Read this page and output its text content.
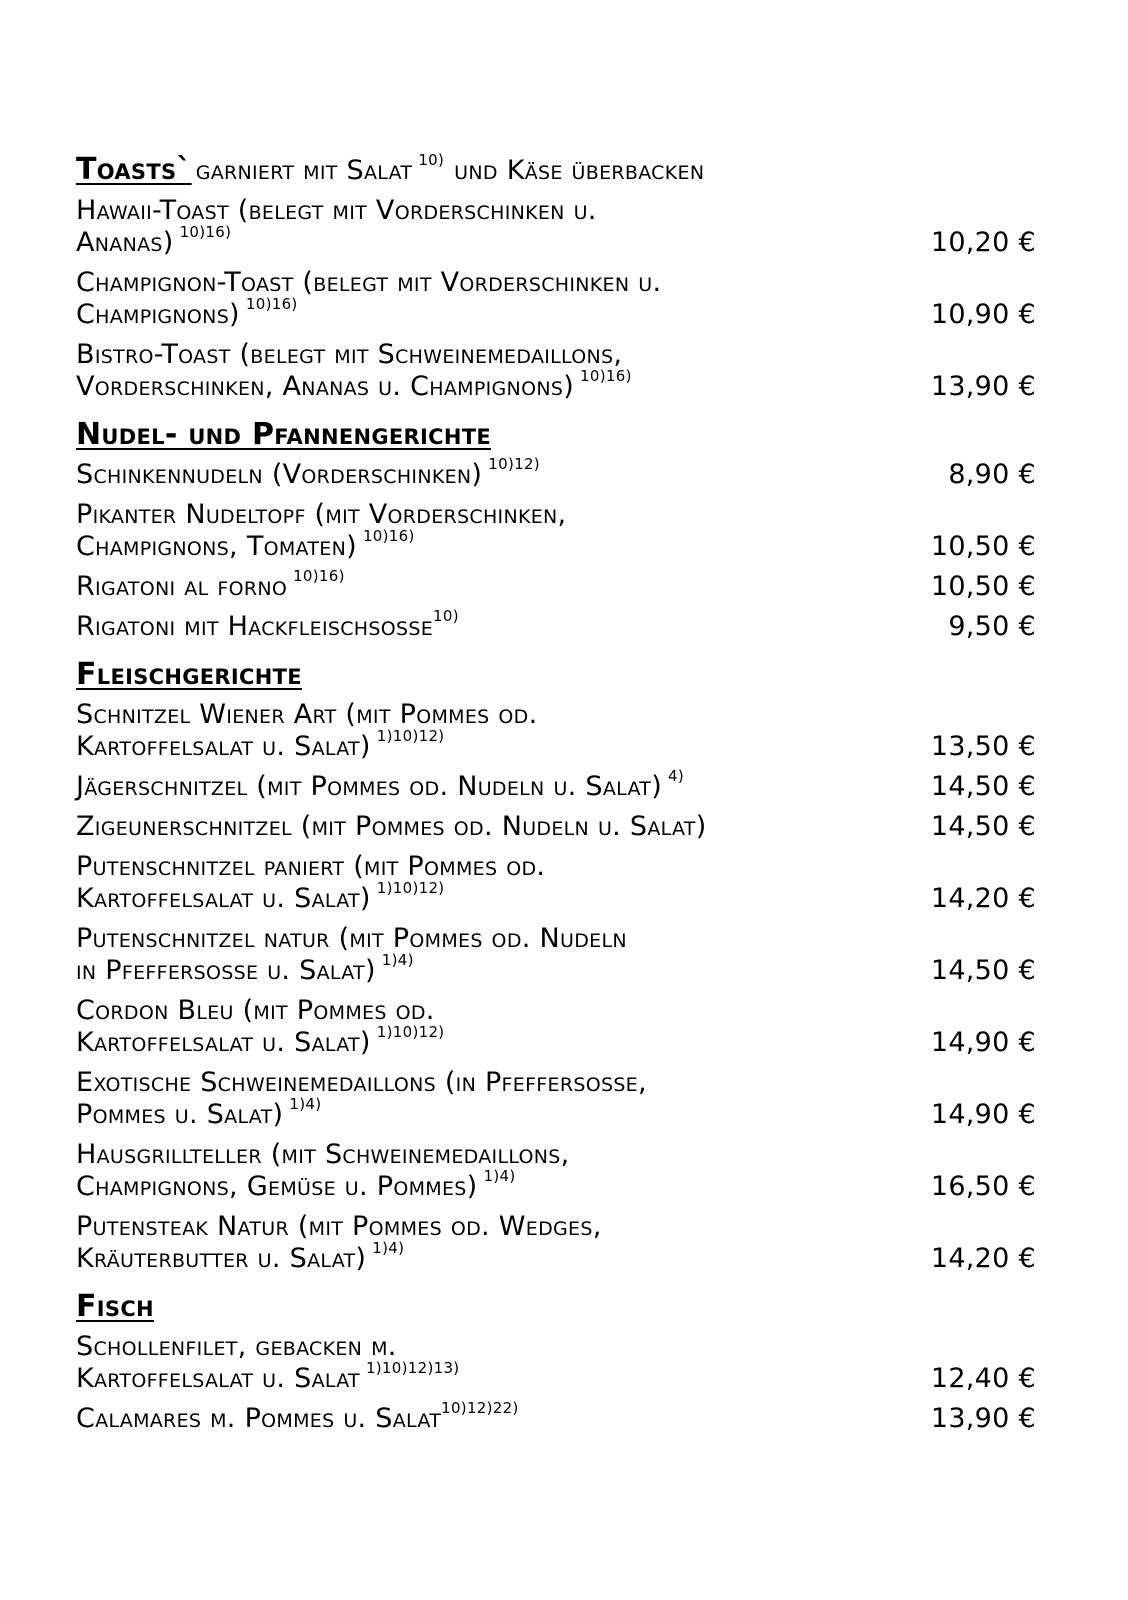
Toasts` garniert mit Salat $^{10)}$ und Käse überbacken
Hawaii-Toast (belegt mit Vorderschinken u.
Ananas) $^{10)16)}$	10,20 €
Champignon-Toast (belegt mit Vorderschinken u.
Champignons) $^{10)16)}$	10,90 €
Bistro-Toast (belegt mit Schweinemedaillons,
Vorderschinken, Ananas u. Champignons) $^{10)16)}$	13,90 €
Nudel- und Pfannengerichte
Schinkennudeln (Vorderschinken) $^{10)12)}$	8,90 €
Pikanter Nudeltopf (mit Vorderschinken,
Champignons, Tomaten) $^{10)16)}$	10,50 €
Rigatoni al forno $^{10)16)}$	10,50 €
Rigatoni mit Hackfleischsosse$^{10)}$	9,50 €
Fleischgerichte
Schnitzel Wiener Art (mit Pommes od.
Kartoffelsalat u. Salat) $^{1)10)12)}$	13,50 €
Jägerschnitzel (mit Pommes od. Nudeln u. Salat) $^{4)}$	14,50 €
Zigeunerschnitzel (mit Pommes od. Nudeln u. Salat)	14,50 €
Putenschnitzel paniert (mit Pommes od.
Kartoffelsalat u. Salat) $^{1)10)12)}$	14,20 €
Putenschnitzel natur (mit Pommes od. Nudeln
in Pfeffersosse u. Salat) $^{1)4)}$	14,50 €
Cordon Bleu (mit Pommes od.
Kartoffelsalat u. Salat) $^{1)10)12)}$	14,90 €
Exotische Schweinemedaillons (in Pfeffersosse,
Pommes u. Salat) $^{1)4)}$	14,90 €
Hausgrillteller (mit Schweinemedaillons,
Champignons, Gemüse u. Pommes) $^{1)4)}$	16,50 €
Putensteak Natur (mit Pommes od. Wedges,
Kräuterbutter u. Salat) $^{1)4)}$	14,20 €
Fisch
Schollenfilet, gebacken m.
Kartoffelsalat u. Salat $^{1)10)12)13)}$	12,40 €
Calamares m. Pommes u. Salat$^{10)12)22)}$	13,90 €
